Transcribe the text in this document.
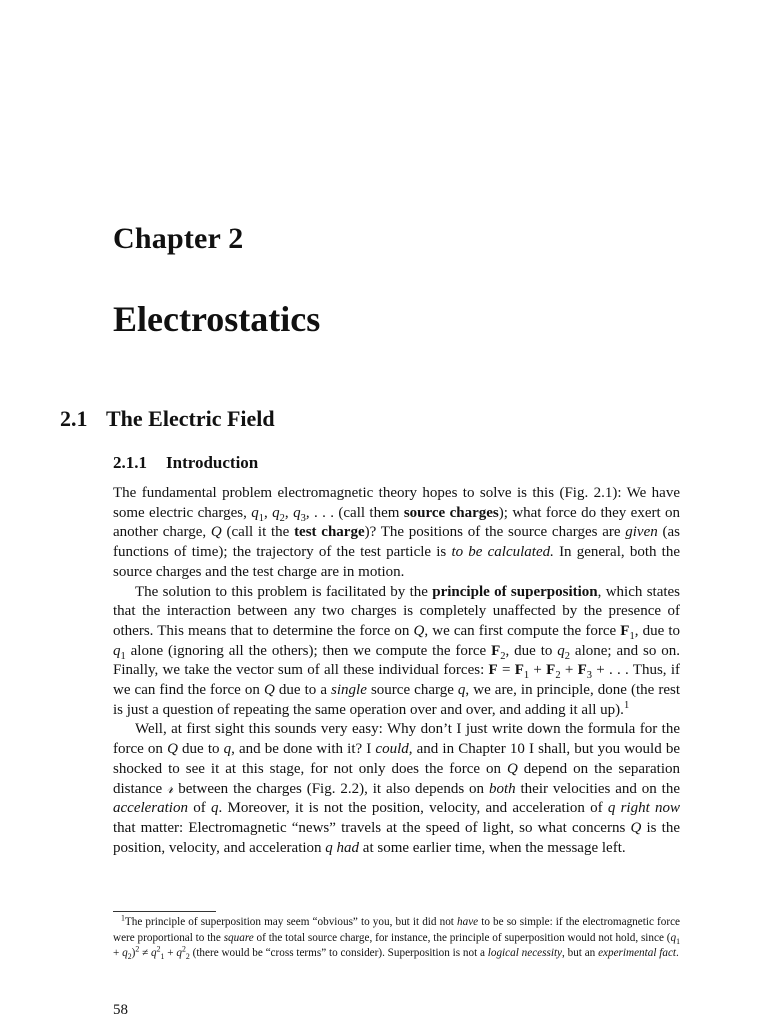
Chapter 2
Electrostatics
2.1 The Electric Field
2.1.1 Introduction

The fundamental problem electromagnetic theory hopes to solve is this (Fig. 2.1): We have some electric charges, $q_1$, $q_2$, $q_3$, . . . (call them source charges); what force do they exert on another charge, Q (call it the test charge)? The positions of the source charges are given (as functions of time); the trajectory of the test particle is to be calculated. In general, both the source charges and the test charge are in motion.

The solution to this problem is facilitated by the principle of superposition, which states that the interaction between any two charges is completely unaffected by the presence of others. This means that to determine the force on Q, we can first compute the force $F_1$, due to $q_1$ alone (ignoring all the others); then we compute the force $F_2$, due to $q_2$ alone; and so on. Finally, we take the vector sum of all these individual forces: $F = F_1 + F_2 + F_3$ + . . . Thus, if we can find the force on Q due to a single source charge q, we are, in principle, done (the rest is just a question of repeating the same operation over and over, and adding it all up).$^1$

Well, at first sight this sounds very easy: Why don’t I just write down the formula for the force on Q due to q, and be done with it? I could, and in Chapter 10 I shall, but you would be shocked to see it at this stage, for not only does the force on Q depend on the separation distance 𝓇 between the charges (Fig. 2.2), it also depends on both their velocities and on the acceleration of q. Moreover, it is not the position, velocity, and acceleration of q right now that matter: Electromagnetic “news” travels at the speed of light, so what concerns Q is the position, velocity, and acceleration q had at some earlier time, when the message left.

$^1$The principle of superposition may seem “obvious” to you, but it did not have to be so simple: if the electromagnetic force were proportional to the square of the total source charge, for instance, the principle of superposition would not hold, since $(q_1 + q_2)^2 \ne q^2_1 + q^2_2$ (there would be “cross terms” to consider). Superposition is not a logical necessity, but an experimental fact.

58
